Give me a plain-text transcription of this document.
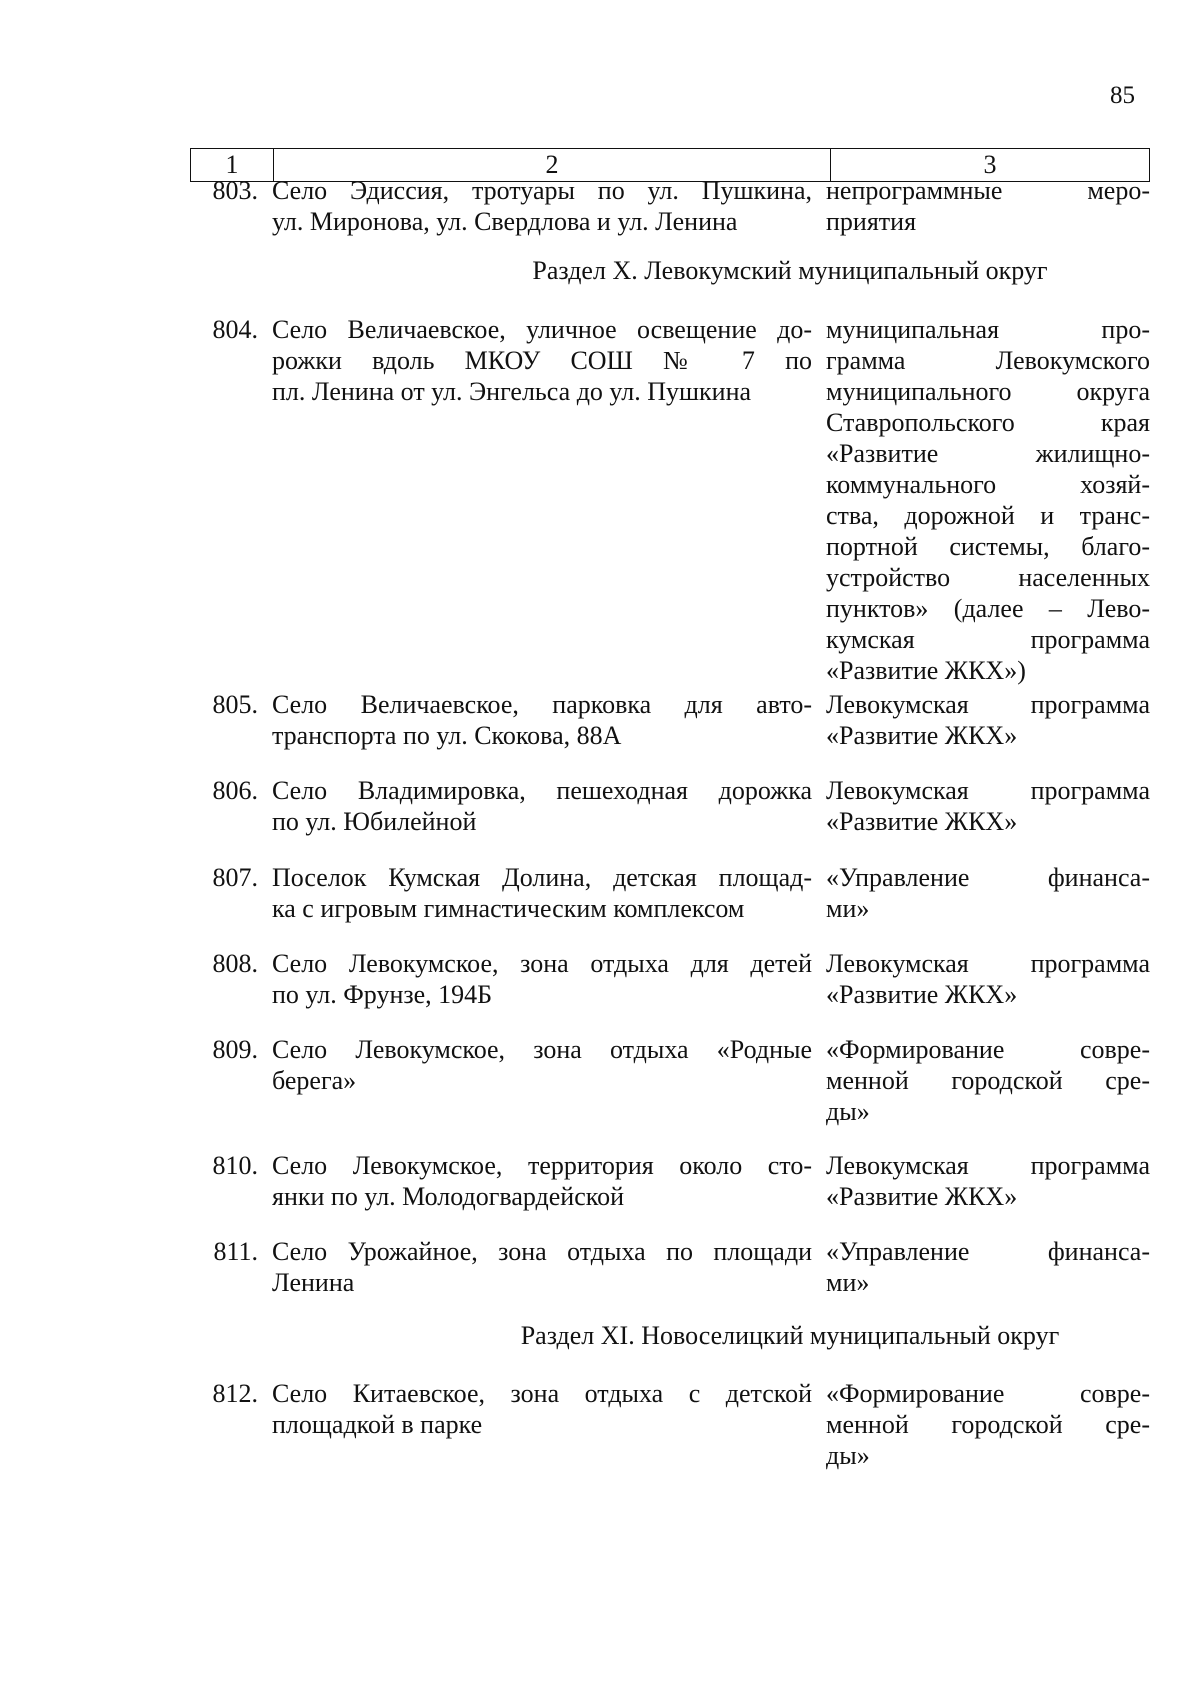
85
1	2	3
803. Село Эдиссия, тротуары по ул. Пушкина,
ул. Миронова, ул. Свердлова и ул. Ленина
непрограммные меро-
приятия
Раздел X. Левокумский муниципальный округ
804. Село Величаевское, уличное освещение до-
рожки вдоль МКОУ СОШ № 7 по
пл. Ленина от ул. Энгельса до ул. Пушкина
муниципальная про-
грамма Левокумского
муниципального округа
Ставропольского края
«Развитие жилищно-
коммунального хозяй-
ства, дорожной и транс-
портной системы, благо-
устройство населенных
пунктов» (далее – Лево-
кумская программа
«Развитие ЖКХ»)
805. Село Величаевское, парковка для авто-
транспорта по ул. Скокова, 88А
Левокумская программа
«Развитие ЖКХ»
806. Село Владимировка, пешеходная дорожка
по ул. Юбилейной
Левокумская программа
«Развитие ЖКХ»
807. Поселок Кумская Долина, детская площад-
ка с игровым гимнастическим комплексом
«Управление финанса-
ми»
808. Село Левокумское, зона отдыха для детей
по ул. Фрунзе, 194Б
Левокумская программа
«Развитие ЖКХ»
809. Село Левокумское, зона отдыха «Родные
берега»
«Формирование совре-
менной городской сре-
ды»
810. Село Левокумское, территория около сто-
янки по ул. Молодогвардейской
Левокумская программа
«Развитие ЖКХ»
811. Село Урожайное, зона отдыха по площади
Ленина
«Управление финанса-
ми»
Раздел XI. Новоселицкий муниципальный округ
812. Село Китаевское, зона отдыха с детской
площадкой в парке
«Формирование совре-
менной городской сре-
ды»
